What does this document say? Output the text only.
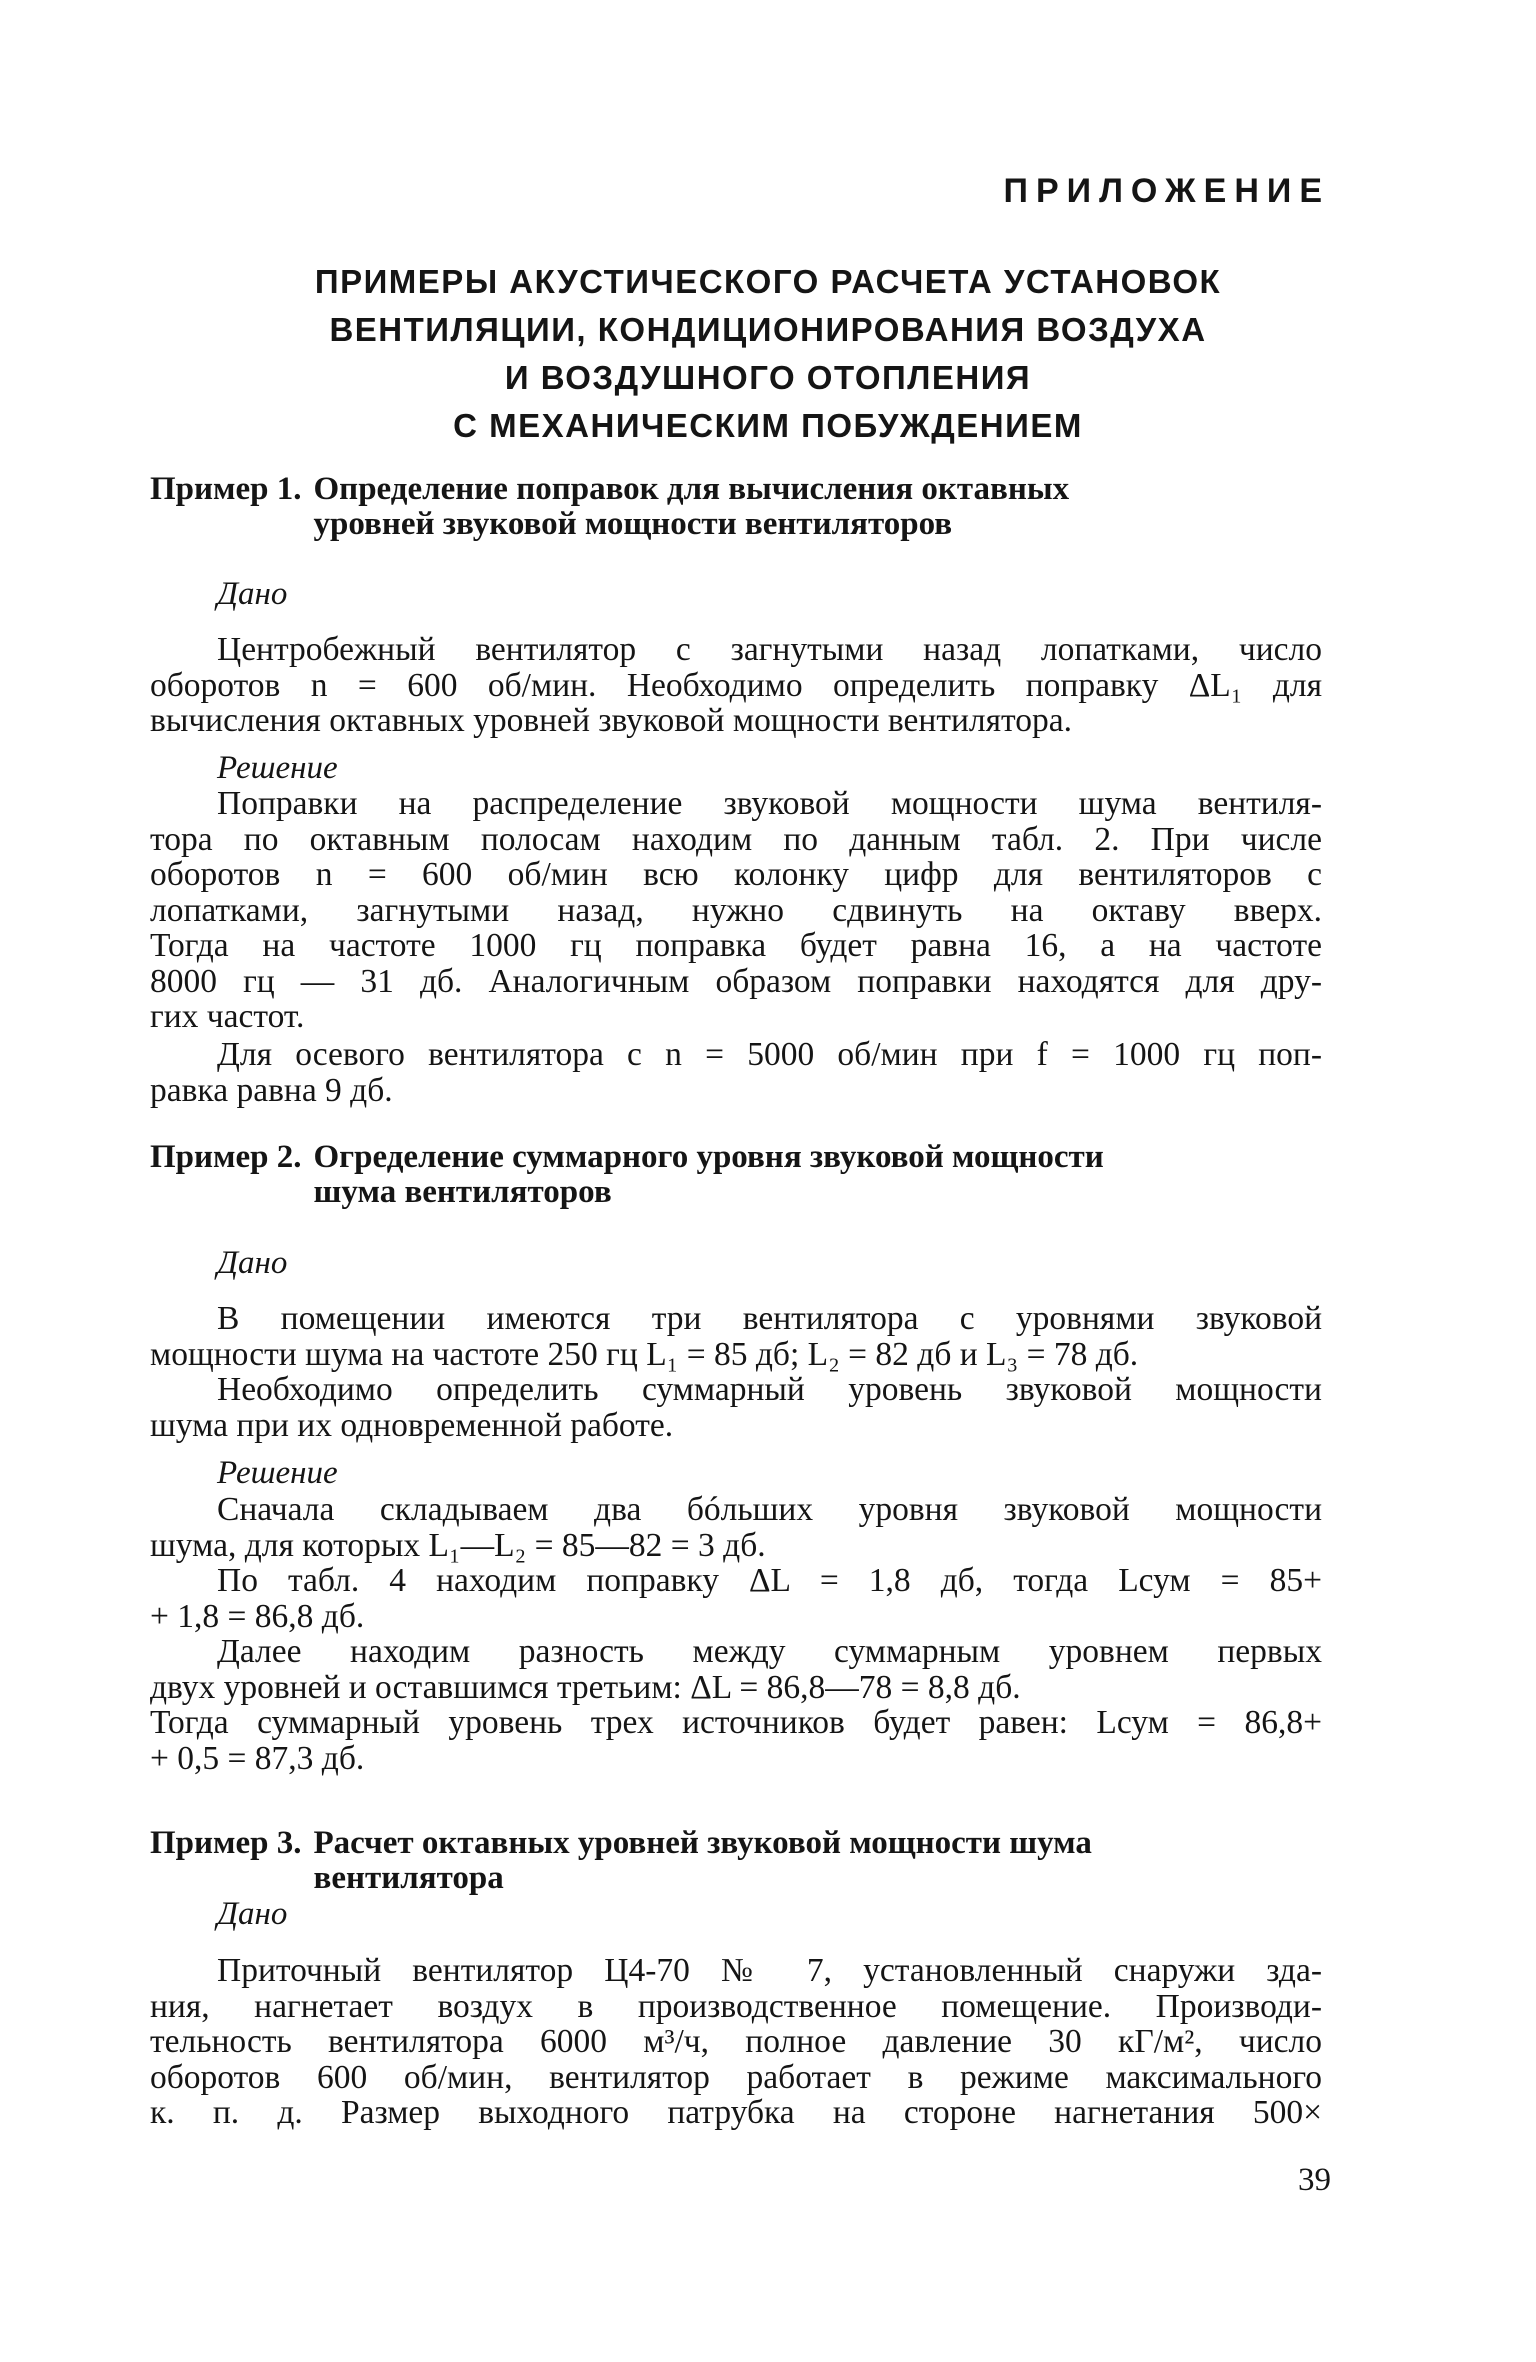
ПРИЛОЖЕНИЕ
ПРИМЕРЫ АКУСТИЧЕСКОГО РАСЧЕТА УСТАНОВОК
ВЕНТИЛЯЦИИ, КОНДИЦИОНИРОВАНИЯ ВОЗДУХА
И ВОЗДУШНОГО ОТОПЛЕНИЯ
С МЕХАНИЧЕСКИМ ПОБУЖДЕНИЕМ
Пример 1. Определение поправок для вычисления октавных
уровней звуковой мощности вентиляторов

Дано

Центробежный вентилятор с загнутыми назад лопатками, число
оборотов n = 600 об/мин. Необходимо определить поправку ΔL₁ для
вычисления октавных уровней звуковой мощности вентилятора.

Решение

Поправки на распределение звуковой мощности шума вентиля-
тора по октавным полосам находим по данным табл. 2. При числе
оборотов n = 600 об/мин всю колонку цифр для вентиляторов с
лопатками, загнутыми назад, нужно сдвинуть на октаву вверх.
Тогда на частоте 1000 гц поправка будет равна 16, а на частоте
8000 гц — 31 дб. Аналогичным образом поправки находятся для дру-
гих частот.

Для осевого вентилятора с n = 5000 об/мин при f = 1000 гц поп-
равка равна 9 дб.

Пример 2. Огределение суммарного уровня звуковой мощности
шума вентиляторов

Дано

В помещении имеются три вентилятора с уровнями звуковой
мощности шума на частоте 250 гц L₁ = 85 дб; L₂ = 82 дб и L₃ = 78 дб.
Необходимо определить суммарный уровень звуковой мощности
шума при их одновременной работе.

Решение

Сначала складываем два бóльших уровня звуковой мощности
шума, для которых L₁—L₂ = 85—82 = 3 дб.
По табл. 4 находим поправку ΔL = 1,8 дб, тогда Lсум = 85+
+ 1,8 = 86,8 дб.
Далее находим разность между суммарным уровнем первых
двух уровней и оставшимся третьим: ΔL = 86,8—78 = 8,8 дб.
Тогда суммарный уровень трех источников будет равен: Lсум = 86,8+
+ 0,5 = 87,3 дб.

Пример 3. Расчет октавных уровней звуковой мощности шума
вентилятора

Дано

Приточный вентилятор Ц4-70 № 7, установленный снаружи зда-
ния, нагнетает воздух в производственное помещение. Производи-
тельность вентилятора 6000 м³/ч, полное давление 30 кГ/м², число
оборотов 600 об/мин, вентилятор работает в режиме максимального
к. п. д. Размер выходного патрубка на стороне нагнетания 500×

39
